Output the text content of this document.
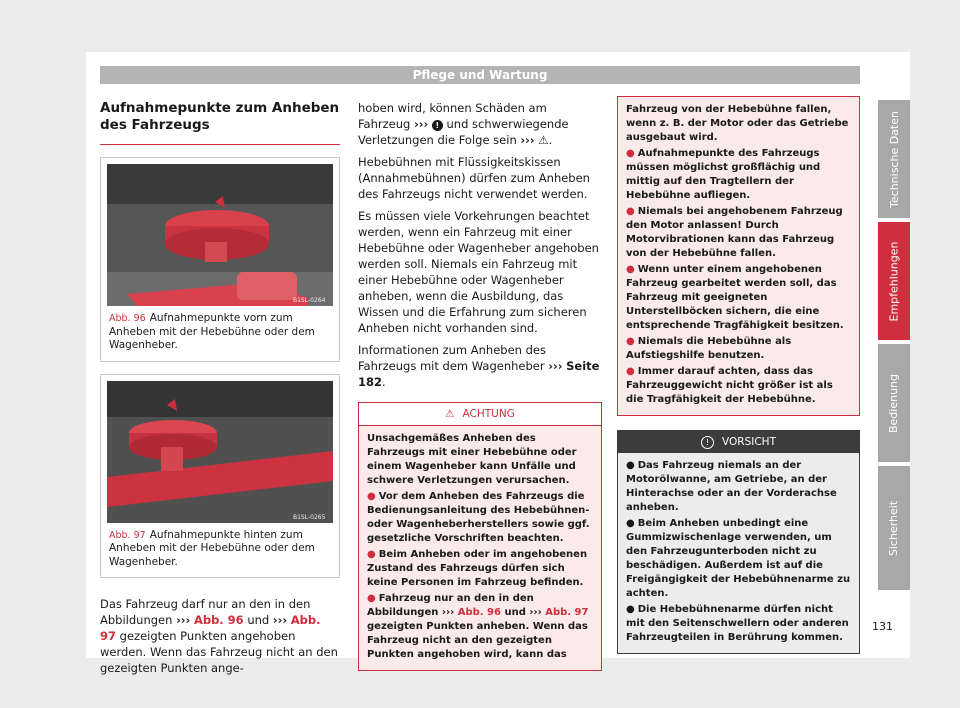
Pflege und Wartung
Aufnahmepunkte zum Anheben des Fahrzeugs
B1SL-0264
Abb. 96 Aufnahmepunkte vorn zum Anheben mit der Hebebühne oder dem Wagenheber.
B1SL-0265
Abb. 97 Aufnahmepunkte hinten zum Anheben mit der Hebebühne oder dem Wagenheber.

Das Fahrzeug darf nur an den in den Abbildungen ››› Abb. 96 und ››› Abb. 97 gezeigten Punkten angehoben werden. Wenn das Fahrzeug nicht an den gezeigten Punkten ange-

hoben wird, können Schäden am Fahrzeug ››› ! und schwerwiegende Verletzungen die Folge sein ››› ⚠.

Hebebühnen mit Flüssigkeitskissen (Annahmebühnen) dürfen zum Anheben des Fahrzeugs nicht verwendet werden.

Es müssen viele Vorkehrungen beachtet werden, wenn ein Fahrzeug mit einer Hebebühne oder Wagenheber angehoben werden soll. Niemals ein Fahrzeug mit einer Hebebühne oder Wagenheber anheben, wenn die Ausbildung, das Wissen und die Erfahrung zum sicheren Anheben nicht vorhanden sind.

Informationen zum Anheben des Fahrzeugs mit dem Wagenheber ››› Seite 182.

⚠ ACHTUNG

Unsachgemäßes Anheben des Fahrzeugs mit einer Hebebühne oder einem Wagenheber kann Unfälle und schwere Verletzungen verursachen.

● Vor dem Anheben des Fahrzeugs die Bedienungsanleitung des Hebebühnen-oder Wagenheberherstellers sowie ggf. gesetzliche Vorschriften beachten.

● Beim Anheben oder im angehobenen Zustand des Fahrzeugs dürfen sich keine Personen im Fahrzeug befinden.

● Fahrzeug nur an den in den Abbildungen ››› Abb. 96 und ››› Abb. 97 gezeigten Punkten anheben. Wenn das Fahrzeug nicht an den gezeigten Punkten angehoben wird, kann das

Fahrzeug von der Hebebühne fallen, wenn z. B. der Motor oder das Getriebe ausgebaut wird.

● Aufnahmepunkte des Fahrzeugs müssen möglichst großflächig und mittig auf den Tragtellern der Hebebühne aufliegen.

● Niemals bei angehobenem Fahrzeug den Motor anlassen! Durch Motorvibrationen kann das Fahrzeug von der Hebebühne fallen.

● Wenn unter einem angehobenen Fahrzeug gearbeitet werden soll, das Fahrzeug mit geeigneten Unterstellböcken sichern, die eine entsprechende Tragfähigkeit besitzen.

● Niemals die Hebebühne als Aufstiegshilfe benutzen.

● Immer darauf achten, dass das Fahrzeuggewicht nicht größer ist als die Tragfähigkeit der Hebebühne.

!	VORSICHT

● Das Fahrzeug niemals an der Motorölwanne, am Getriebe, an der Hinterachse oder an der Vorderachse anheben.

● Beim Anheben unbedingt eine Gummizwischenlage verwenden, um den Fahrzeugunterboden nicht zu beschädigen. Außerdem ist auf die Freigängigkeit der Hebebühnenarme zu achten.

● Die Hebebühnenarme dürfen nicht mit den Seitenschwellern oder anderen Fahrzeugteilen in Berührung kommen.

Technische Daten
Empfehlungen
Bedienung
Sicherheit
131
